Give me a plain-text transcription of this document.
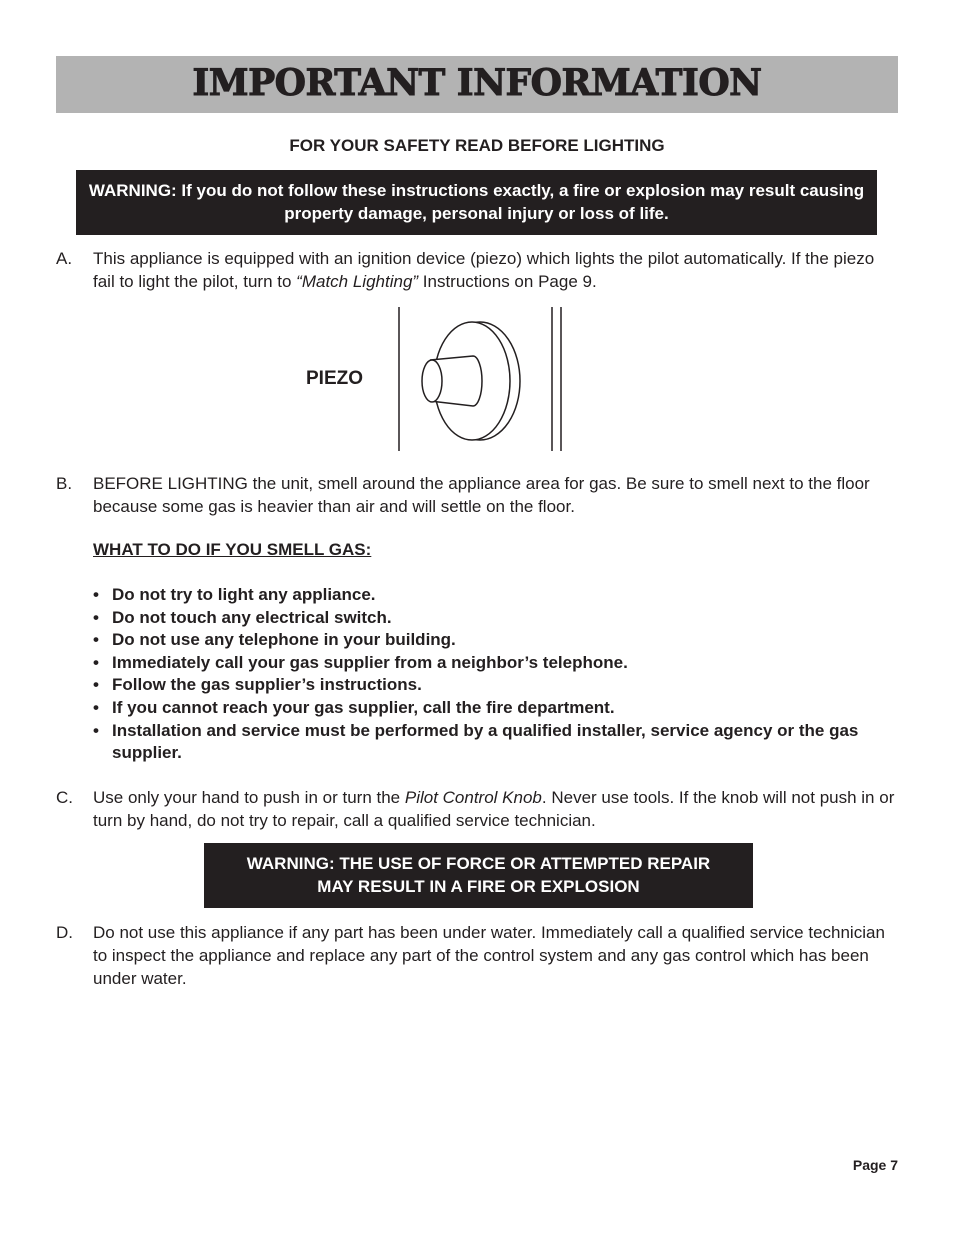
IMPORTANT INFORMATION
FOR YOUR SAFETY READ BEFORE LIGHTING
WARNING: If you do not follow these instructions exactly, a fire or explosion may result causing property damage, personal injury or loss of life.
A. This appliance is equipped with an ignition device (piezo) which lights the pilot automatically. If the piezo fail to light the pilot, turn to “Match Lighting” Instructions on Page 9.
PIEZO
B. BEFORE LIGHTING the unit, smell around the appliance area for gas. Be sure to smell next to the floor because some gas is heavier than air and will settle on the floor.
WHAT TO DO IF YOU SMELL GAS:
• Do not try to light any appliance.
• Do not touch any electrical switch.
• Do not use any telephone in your building.
• Immediately call your gas supplier from a neighbor’s telephone.
• Follow the gas supplier’s instructions.
• If you cannot reach your gas supplier, call the fire department.
• Installation and service must be performed by a qualified installer, service agency or the gas supplier.
C. Use only your hand to push in or turn the Pilot Control Knob. Never use tools. If the knob will not push in or turn by hand, do not try to repair, call a qualified service technician.
WARNING: THE USE OF FORCE OR ATTEMPTED REPAIR
MAY RESULT IN A FIRE OR EXPLOSION
D. Do not use this appliance if any part has been under water. Immediately call a qualified service technician to inspect the appliance and replace any part of the control system and any gas control which has been under water.
Page 7
